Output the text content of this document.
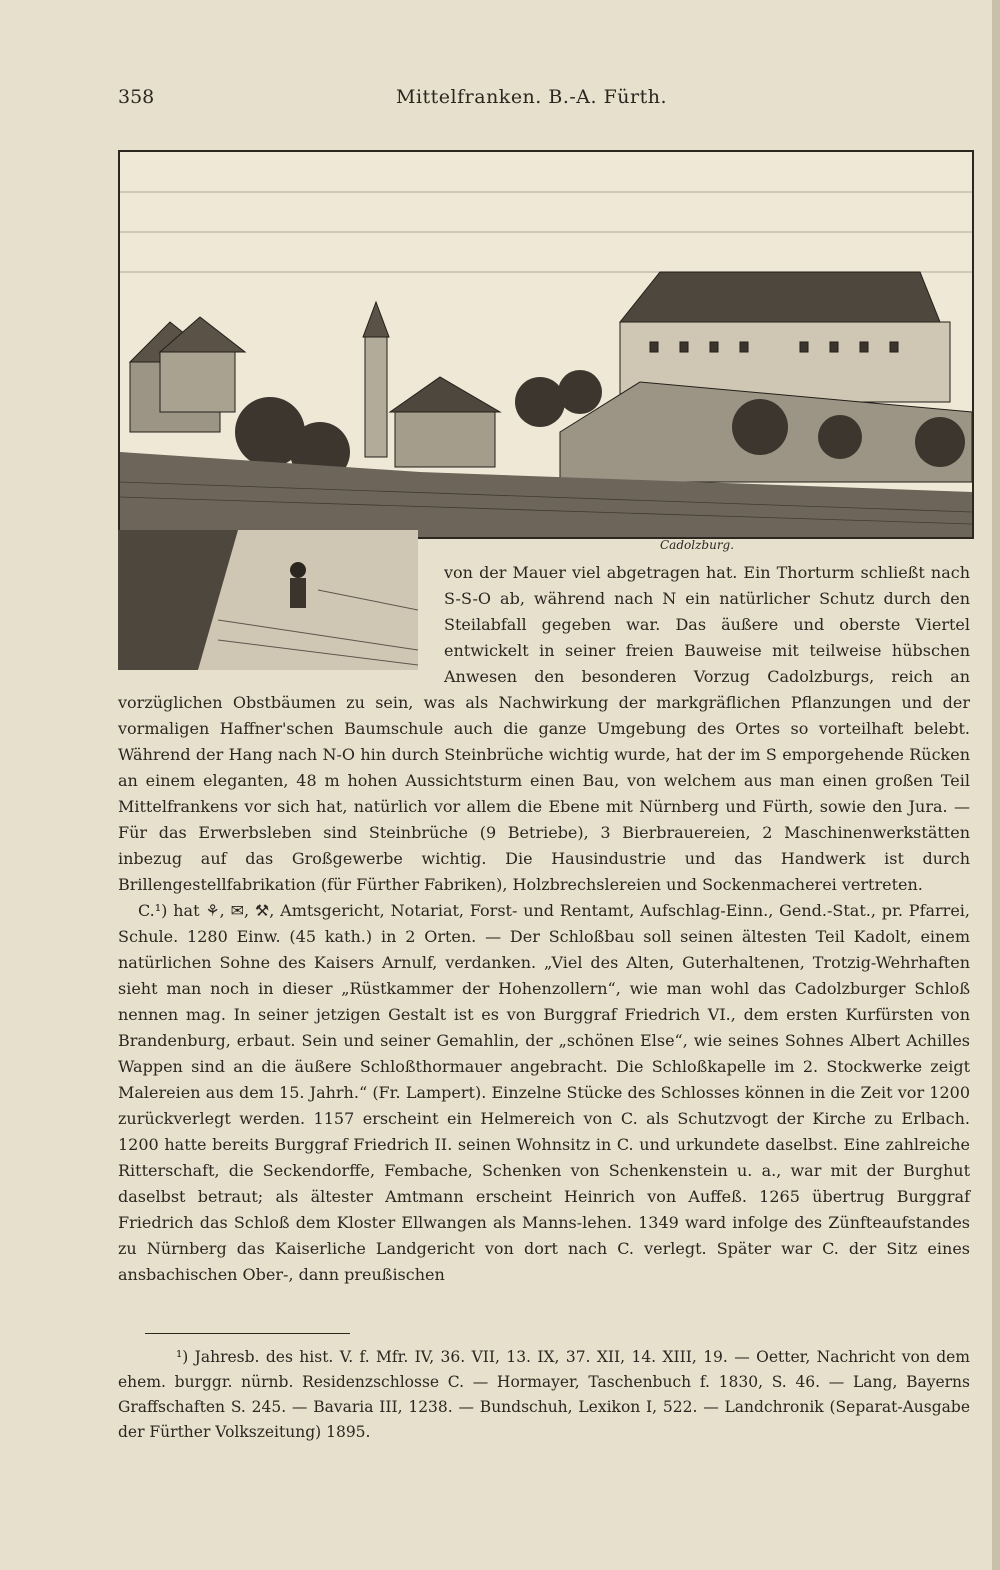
358	Mittelfranken. B.-A. Fürth.
Cadolzburg.

von der Mauer viel abgetragen hat. Ein Thorturm schließt nach S-S-O ab, während nach N ein natürlicher Schutz durch den Steilabfall gegeben war. Das äußere und oberste Viertel entwickelt in seiner freien Bauweise mit teilweise hübschen Anwesen den besonderen Vorzug Cadolzburgs, reich an vorzüglichen Obstbäumen zu sein, was als Nachwirkung der markgräflichen Pflanzungen und der vormaligen Haffner'schen Baumschule auch die ganze Umgebung des Ortes so vorteilhaft belebt. Während der Hang nach N-O hin durch Steinbrüche wichtig wurde, hat der im S emporgehende Rücken an einem eleganten, 48 m hohen Aussichtsturm einen Bau, von welchem aus man einen großen Teil Mittelfrankens vor sich hat, natürlich vor allem die Ebene mit Nürnberg und Fürth, sowie den Jura. — Für das Erwerbsleben sind Steinbrüche (9 Betriebe), 3 Bierbrauereien, 2 Maschinenwerkstätten inbezug auf das Großgewerbe wichtig. Die Hausindustrie und das Handwerk ist durch Brillengestellfabrikation (für Fürther Fabriken), Holzbrechslereien und Sockenmacherei vertreten.

C.¹) hat ⚘, ✉, ⚒, Amtsgericht, Notariat, Forst- und Rentamt, Aufschlag-Einn., Gend.-Stat., pr. Pfarrei, Schule. 1280 Einw. (45 kath.) in 2 Orten. — Der Schloßbau soll seinen ältesten Teil Kadolt, einem natürlichen Sohne des Kaisers Arnulf, verdanken. „Viel des Alten, Guterhaltenen, Trotzig-Wehrhaften sieht man noch in dieser „Rüstkammer der Hohenzollern“, wie man wohl das Cadolzburger Schloß nennen mag. In seiner jetzigen Gestalt ist es von Burggraf Friedrich VI., dem ersten Kurfürsten von Brandenburg, erbaut. Sein und seiner Gemahlin, der „schönen Else“, wie seines Sohnes Albert Achilles Wappen sind an die äußere Schloßthormauer angebracht. Die Schloßkapelle im 2. Stockwerke zeigt Malereien aus dem 15. Jahrh.“ (Fr. Lampert). Einzelne Stücke des Schlosses können in die Zeit vor 1200 zurückverlegt werden. 1157 erscheint ein Helmereich von C. als Schutzvogt der Kirche zu Erlbach. 1200 hatte bereits Burggraf Friedrich II. seinen Wohnsitz in C. und urkundete daselbst. Eine zahlreiche Ritterschaft, die Seckendorffe, Fembache, Schenken von Schenkenstein u. a., war mit der Burghut daselbst betraut; als ältester Amtmann erscheint Heinrich von Auffeß. 1265 übertrug Burggraf Friedrich das Schloß dem Kloster Ellwangen als Manns-lehen. 1349 ward infolge des Zünfteaufstandes zu Nürnberg das Kaiserliche Landgericht von dort nach C. verlegt. Später war C. der Sitz eines ansbachischen Ober-, dann preußischen

¹) Jahresb. des hist. V. f. Mfr. IV, 36. VII, 13. IX, 37. XII, 14. XIII, 19. — Oetter, Nachricht von dem ehem. burggr. nürnb. Residenzschlosse C. — Hormayer, Taschenbuch f. 1830, S. 46. — Lang, Bayerns Graffschaften S. 245. — Bavaria III, 1238. — Bundschuh, Lexikon I, 522. — Landchronik (Separat-Ausgabe der Fürther Volkszeitung) 1895.
